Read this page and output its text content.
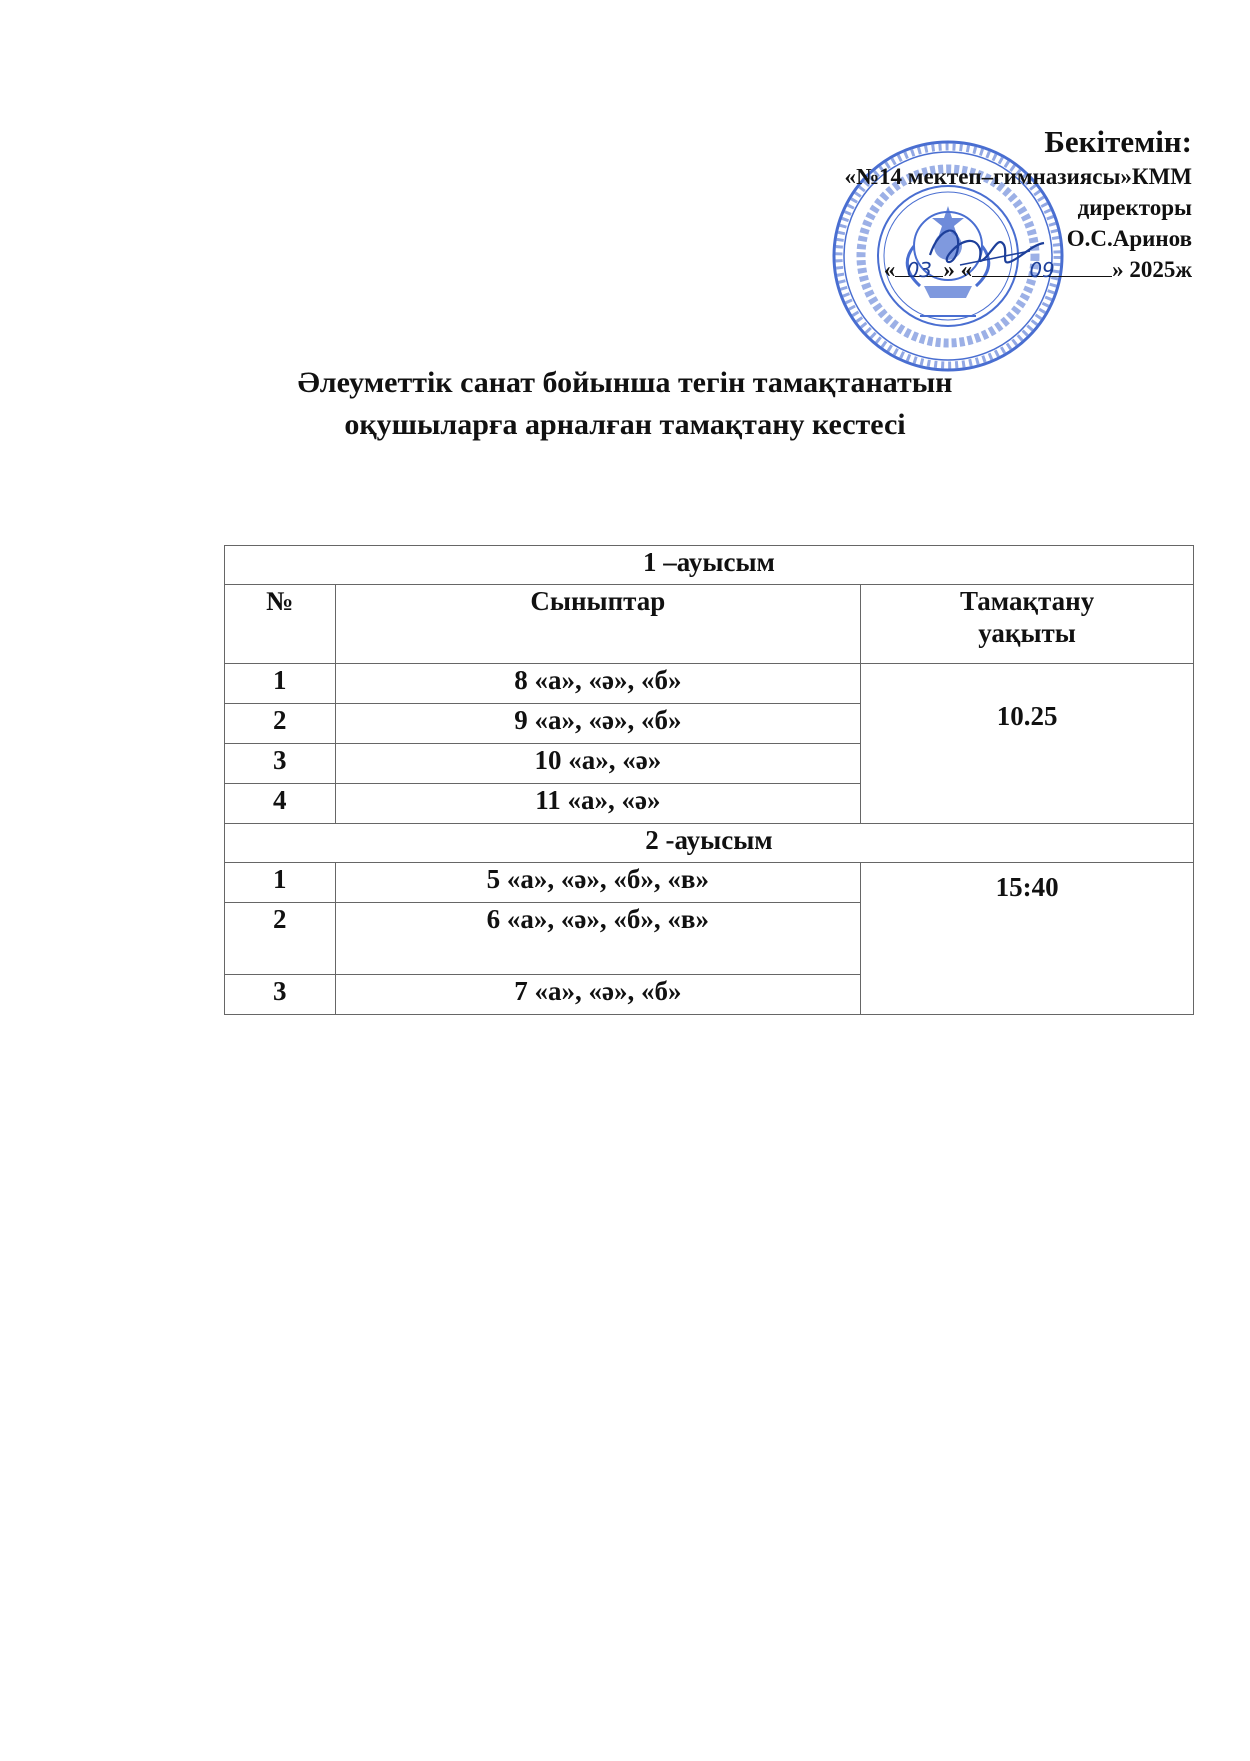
Бекітемін:
«№14 мектеп–гимназиясы»КММ
директоры
О.С.Аринов
« 03 » «	09 » 2025ж
Әлеуметтік санат бойынша тегін тамақтанатын
оқушыларға арналған тамақтану кестесі
1 –ауысым		
№	Сыныптар	Тамақтану
уақыты

1	8 «а», «ә», «б»	10.25
2	9 «а», «ә», «б»	
3	10 «а», «ә»	
4	11 «а», «ә»	
2 -ауысым		
1	5 «а», «ә», «б», «в»	15:40
2	6 «а», «ә», «б», «в»	
3	7 «а», «ә», «б»	
